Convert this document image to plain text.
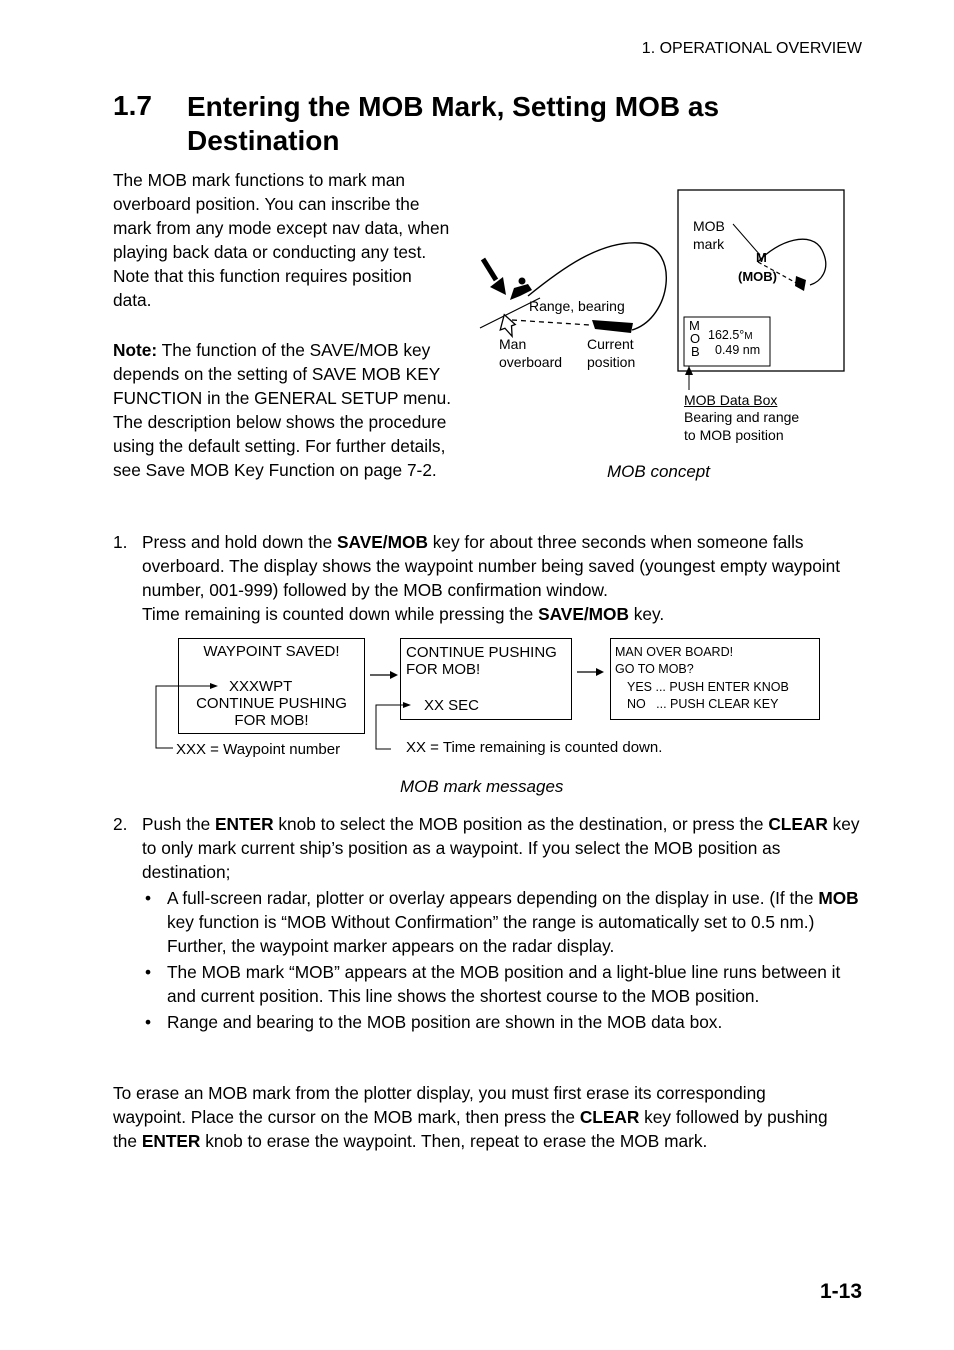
1. OPERATIONAL OVERVIEW
1.7 Entering the MOB Mark, Setting MOB as Destination
The MOB mark functions to mark man overboard position. You can inscribe the mark from any mode except nav data, when playing back data or conducting any test. Note that this function requires position data.
Note: The function of the SAVE/MOB key depends on the setting of SAVE MOB KEY FUNCTION in the GENERAL SETUP menu. The description below shows the procedure using the default setting. For further details, see Save MOB Key Function on page 7-2.
Range, bearing
Man
overboard
Current
position
MOB
mark
M
(MOB)
M
O
B
162.5°M
0.49 nm
MOB Data Box
Bearing and range
to MOB position
MOB concept
1. Press and hold down the SAVE/MOB key for about three seconds when someone falls overboard. The display shows the waypoint number being saved (youngest empty waypoint number, 001-999) followed by the MOB confirmation window.
Time remaining is counted down while pressing the SAVE/MOB key.
WAYPOINT SAVED!
XXXWPT
CONTINUE PUSHING
FOR MOB!
CONTINUE PUSHING
FOR MOB!
XX SEC
MAN OVER BOARD!
GO TO MOB?
YES ... PUSH ENTER KNOB
NO   ... PUSH CLEAR KEY
XXX = Waypoint number	XX = Time remaining is counted down.
MOB mark messages
2. Push the ENTER knob to select the MOB position as the destination, or press the CLEAR key to only mark current ship’s position as a waypoint. If you select the MOB position as destination;
• A full-screen radar, plotter or overlay appears depending on the display in use. (If the MOB key function is “MOB Without Confirmation” the range is automatically set to 0.5 nm.) Further, the waypoint marker appears on the radar display.
• The MOB mark “MOB” appears at the MOB position and a light-blue line runs between it and current position. This line shows the shortest course to the MOB position.
• Range and bearing to the MOB position are shown in the MOB data box.
To erase an MOB mark from the plotter display, you must first erase its corresponding waypoint. Place the cursor on the MOB mark, then press the CLEAR key followed by pushing the ENTER knob to erase the waypoint. Then, repeat to erase the MOB mark.
1-13
